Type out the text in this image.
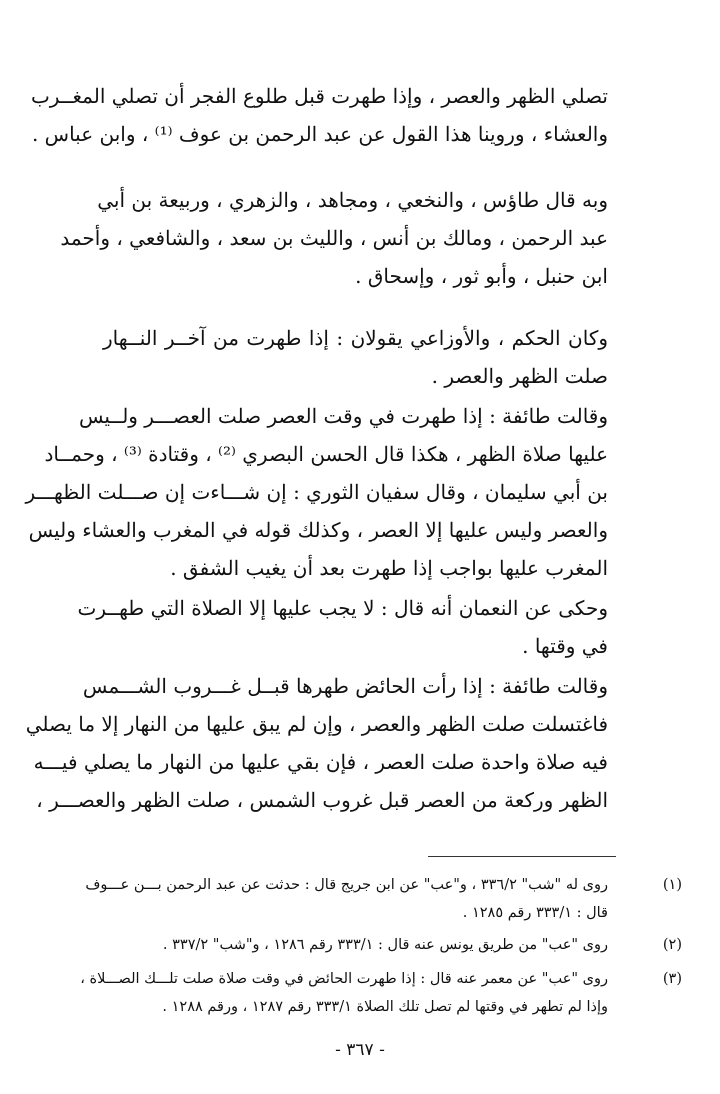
تصلي الظهر والعصر ، وإذا طهرت قبل طلوع الفجر أن تصلي المغــرب
والعشاء ، وروينا هذا القول عن عبد الرحمن بن عوف ⁽¹⁾ ، وابن عباس .
وبه قال طاؤس ، والنخعي ، ومجاهد ، والزهري ، وربيعة بن أبي
عبد الرحمن ، ومالك بن أنس ، والليث بن سعد ، والشافعي ، وأحمد
ابن حنبل ، وأبو ثور ، وإسحاق .
وكان الحكم ، والأوزاعي يقولان : إذا طهرت من آخــر النــهار
صلت الظهر والعصر .
وقالت طائفة : إذا طهرت في وقت العصر صلت العصـــر ولــيس
عليها صلاة الظهر ، هكذا قال الحسن البصري ⁽²⁾ ، وقتادة ⁽³⁾ ، وحمــاد
بن أبي سليمان ، وقال سفيان الثوري : إن شـــاءت إن صـــلت الظهـــر
والعصر وليس عليها إلا العصر ، وكذلك قوله في المغرب والعشاء وليس
المغرب عليها بواجب إذا طهرت بعد أن يغيب الشفق .
وحكى عن النعمان أنه قال : لا يجب عليها إلا الصلاة التي طهــرت
في وقتها .
وقالت طائفة : إذا رأت الحائض طهرها قبــل غـــروب الشـــمس
فاغتسلت صلت الظهر والعصر ، وإن لم يبق عليها من النهار إلا ما يصلي
فيه صلاة واحدة صلت العصر ، فإن بقي عليها من النهار ما يصلي فيـــه
الظهر وركعة من العصر قبل غروب الشمس ، صلت الظهر والعصـــر ،
(١)
روى له "شب" ٣٣٦/٢ ، و"عب" عن ابن جريج قال : حدثت عن عبد الرحمن بـــن عـــوف
قال : ٣٣٣/١ رقم ١٢٨٥ .
(٢)
روى "عب" من طريق يونس عنه قال : ٣٣٣/١ رقم ١٢٨٦ ، و"شب" ٣٣٧/٢ .
(٣)
روى "عب" عن معمر عنه قال : إذا طهرت الحائض في وقت صلاة صلت تلـــك الصـــلاة ،
وإذا لم تطهر في وقتها لم تصل تلك الصلاة ٣٣٣/١ رقم ١٢٨٧ ، ورقم ١٢٨٨ .
- ٣٦٧ -
